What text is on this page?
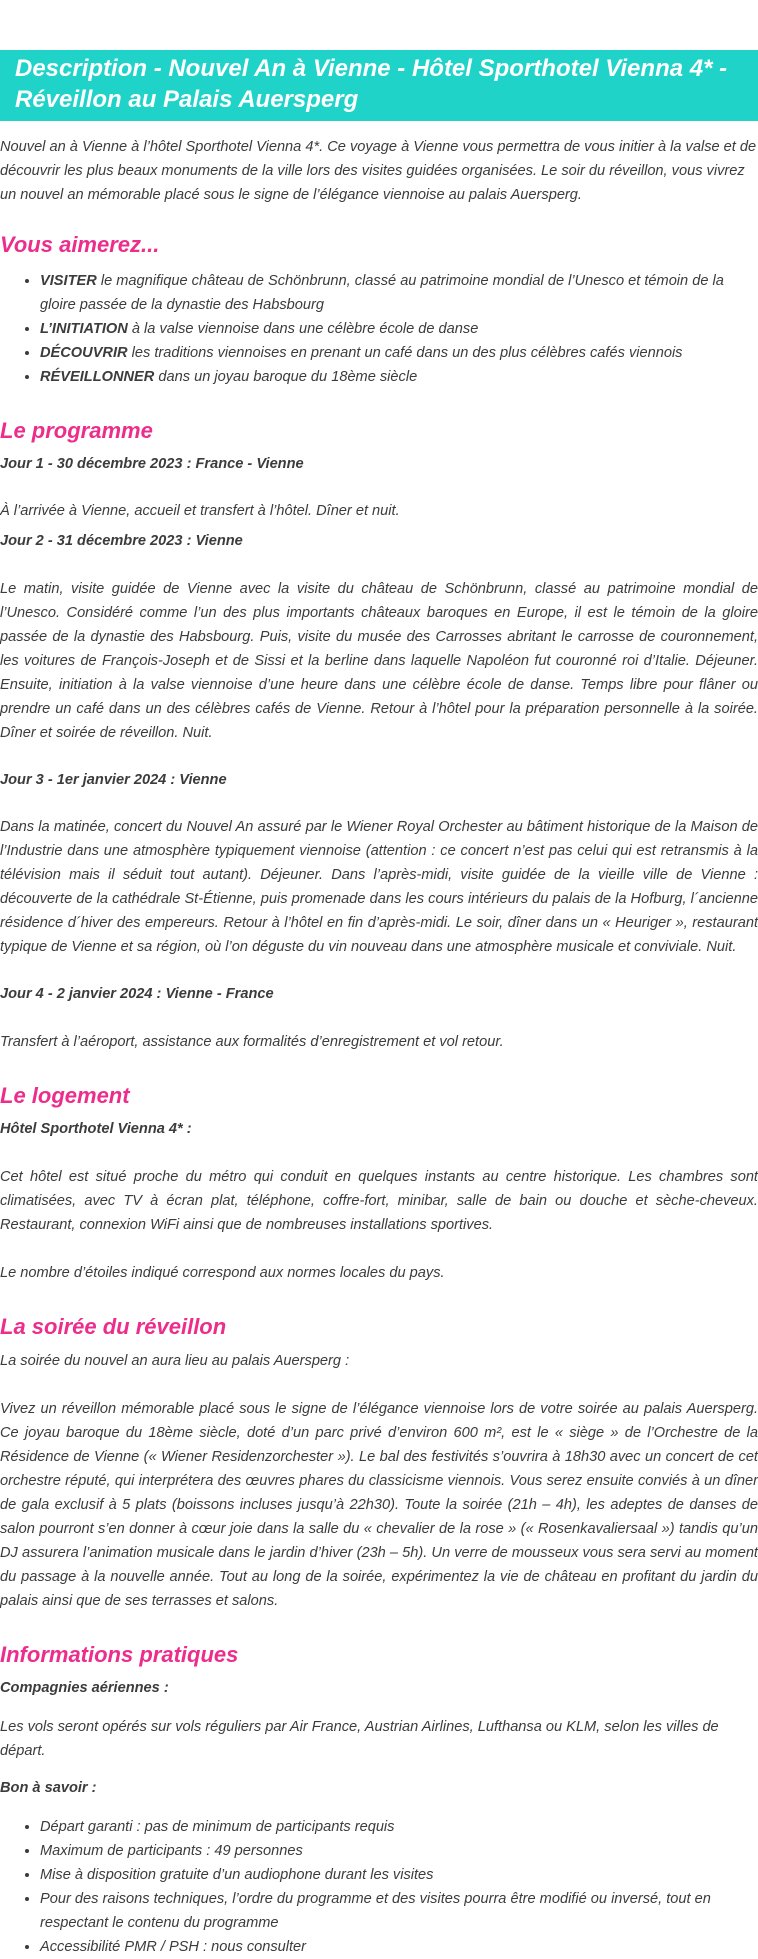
Description - Nouvel An à Vienne - Hôtel Sporthotel Vienna 4* - Réveillon au Palais Auersperg

Nouvel an à Vienne à l’hôtel Sporthotel Vienna 4*. Ce voyage à Vienne vous permettra de vous initier à la valse et de découvrir les plus beaux monuments de la ville lors des visites guidées organisées. Le soir du réveillon, vous vivrez un nouvel an mémorable placé sous le signe de l’élégance viennoise au palais Auersperg.

Vous aimerez...
• VISITER le magnifique château de Schönbrunn, classé au patrimoine mondial de l’Unesco et témoin de la gloire passée de la dynastie des Habsbourg
• L’INITIATION à la valse viennoise dans une célèbre école de danse
• DÉCOUVRIR les traditions viennoises en prenant un café dans un des plus célèbres cafés viennois
• RÉVEILLONNER dans un joyau baroque du 18ème siècle
Le programme
Jour 1 - 30 décembre 2023 : France - Vienne

À l’arrivée à Vienne, accueil et transfert à l’hôtel. Dîner et nuit.

Jour 2 - 31 décembre 2023 : Vienne

Le matin, visite guidée de Vienne avec la visite du château de Schönbrunn, classé au patrimoine mondial de l’Unesco. Considéré comme l’un des plus importants châteaux baroques en Europe, il est le témoin de la gloire passée de la dynastie des Habsbourg. Puis, visite du musée des Carrosses abritant le carrosse de couronnement, les voitures de François-Joseph et de Sissi et la berline dans laquelle Napoléon fut couronné roi d’Italie. Déjeuner. Ensuite, initiation à la valse viennoise d’une heure dans une célèbre école de danse. Temps libre pour flâner ou prendre un café dans un des célèbres cafés de Vienne. Retour à l’hôtel pour la préparation personnelle à la soirée. Dîner et soirée de réveillon. Nuit.

Jour 3 - 1er janvier 2024 : Vienne

Dans la matinée, concert du Nouvel An assuré par le Wiener Royal Orchester au bâtiment historique de la Maison de l’Industrie dans une atmosphère typiquement viennoise (attention : ce concert n’est pas celui qui est retransmis à la télévision mais il séduit tout autant). Déjeuner. Dans l’après-midi, visite guidée de la vieille ville de Vienne : découverte de la cathédrale St-Étienne, puis promenade dans les cours intérieurs du palais de la Hofburg, l´ancienne résidence d´hiver des empereurs. Retour à l’hôtel en fin d’après-midi. Le soir, dîner dans un « Heuriger », restaurant typique de Vienne et sa région, où l’on déguste du vin nouveau dans une atmosphère musicale et conviviale. Nuit.

Jour 4 - 2 janvier 2024 : Vienne - France

Transfert à l’aéroport, assistance aux formalités d’enregistrement et vol retour.

Le logement
Hôtel Sporthotel Vienna 4* :

Cet hôtel est situé proche du métro qui conduit en quelques instants au centre historique. Les chambres sont climatisées, avec TV à écran plat, téléphone, coffre-fort, minibar, salle de bain ou douche et sèche-cheveux. Restaurant, connexion WiFi ainsi que de nombreuses installations sportives.

Le nombre d’étoiles indiqué correspond aux normes locales du pays.

La soirée du réveillon

La soirée du nouvel an aura lieu au palais Auersperg :

Vivez un réveillon mémorable placé sous le signe de l’élégance viennoise lors de votre soirée au palais Auersperg. Ce joyau baroque du 18ème siècle, doté d’un parc privé d’environ 600 m², est le « siège » de l’Orchestre de la Résidence de Vienne (« Wiener Residenzorchester »). Le bal des festivités s’ouvrira à 18h30 avec un concert de cet orchestre réputé, qui interprétera des œuvres phares du classicisme viennois. Vous serez ensuite conviés à un dîner de gala exclusif à 5 plats (boissons incluses jusqu’à 22h30). Toute la soirée (21h – 4h), les adeptes de danses de salon pourront s’en donner à cœur joie dans la salle du « chevalier de la rose » (« Rosenkavaliersaal ») tandis qu’un DJ assurera l’animation musicale dans le jardin d’hiver (23h – 5h). Un verre de mousseux vous sera servi au moment du passage à la nouvelle année. Tout au long de la soirée, expérimentez la vie de château en profitant du jardin du palais ainsi que de ses terrasses et salons.

Informations pratiques
Compagnies aériennes :

Les vols seront opérés sur vols réguliers par Air France, Austrian Airlines, Lufthansa ou KLM, selon les villes de départ.

Bon à savoir :
• Départ garanti : pas de minimum de participants requis
• Maximum de participants : 49 personnes
• Mise à disposition gratuite d’un audiophone durant les visites
• Pour des raisons techniques, l’ordre du programme et des visites pourra être modifié ou inversé, tout en respectant le contenu du programme
• Accessibilité PMR / PSH : nous consulter
